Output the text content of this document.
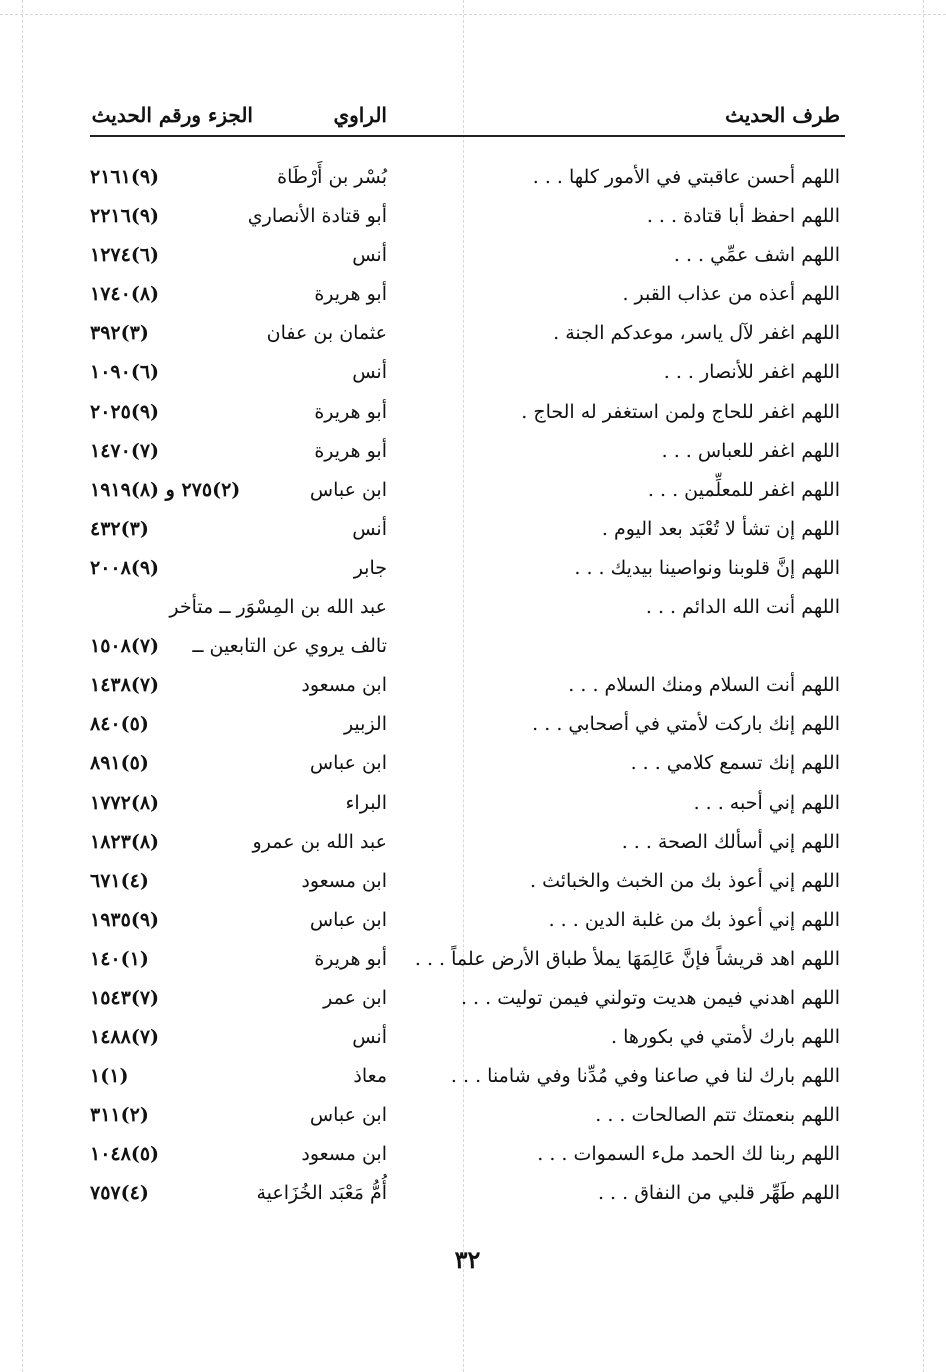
طرف الحديث
الراوي
الجزء ورقم الحديث
اللهم أحسن عاقبتي في الأمور كلها . . .
بُسْر بن أَرْطَاة
(٩)٢١٦١
اللهم احفظ أبا قتادة . . .
أبو قتادة الأنصاري
(٩)٢٢١٦
اللهم اشف عمِّي . . .
أنس
(٦)١٢٧٤
اللهم أعذه من عذاب القبر .
أبو هريرة
(٨)١٧٤٠
اللهم اغفر لآل ياسر، موعدكم الجنة .
عثمان بن عفان
(٣)٣٩٢
اللهم اغفر للأنصار . . .
أنس
(٦)١٠٩٠
اللهم اغفر للحاج ولمن استغفر له الحاج .
أبو هريرة
(٩)٢٠٢٥
اللهم اغفر للعباس . . .
أبو هريرة
(٧)١٤٧٠
اللهم اغفر للمعلِّمين . . .
ابن عباس
(٢)٢٧٥ و (٨)١٩١٩
اللهم إن تشأ لا تُعْبَد بعد اليوم .
أنس
(٣)٤٣٢
اللهم إنَّ قلوبنا ونواصينا بيديك . . .
جابر
(٩)٢٠٠٨
اللهم أنت الله الدائم . . .
عبد الله بن المِسْوَر ــ متأخر
تالف يروي عن التابعين ــ
(٧)١٥٠٨
اللهم أنت السلام ومنك السلام . . .
ابن مسعود
(٧)١٤٣٨
اللهم إنك باركت لأمتي في أصحابي . . .
الزبير
(٥)٨٤٠
اللهم إنك تسمع كلامي . . .
ابن عباس
(٥)٨٩١
اللهم إني أحبه . . .
البراء
(٨)١٧٧٢
اللهم إني أسألك الصحة . . .
عبد الله بن عمرو
(٨)١٨٢٣
اللهم إني أعوذ بك من الخبث والخبائث .
ابن مسعود
(٤)٦٧١
اللهم إني أعوذ بك من غلبة الدين . . .
ابن عباس
(٩)١٩٣٥
اللهم اهد قريشاً فإنَّ عَالِمَهَا يملأ طباق الأرض علماً . . .
أبو هريرة
(١)١٤٠
اللهم اهدني فيمن هديت وتولني فيمن توليت . . .
ابن عمر
(٧)١٥٤٣
اللهم بارك لأمتي في بكورها .
أنس
(٧)١٤٨٨
اللهم بارك لنا في صاعنا وفي مُدِّنا وفي شامنا . . .
معاذ
(١)١
اللهم بنعمتك تتم الصالحات . . .
ابن عباس
(٢)٣١١
اللهم ربنا لك الحمد ملء السموات . . .
ابن مسعود
(٥)١٠٤٨
اللهم طَهِّر قلبي من النفاق . . .
أُمُّ مَعْبَد الخُزَاعية
(٤)٧٥٧
٣٢
